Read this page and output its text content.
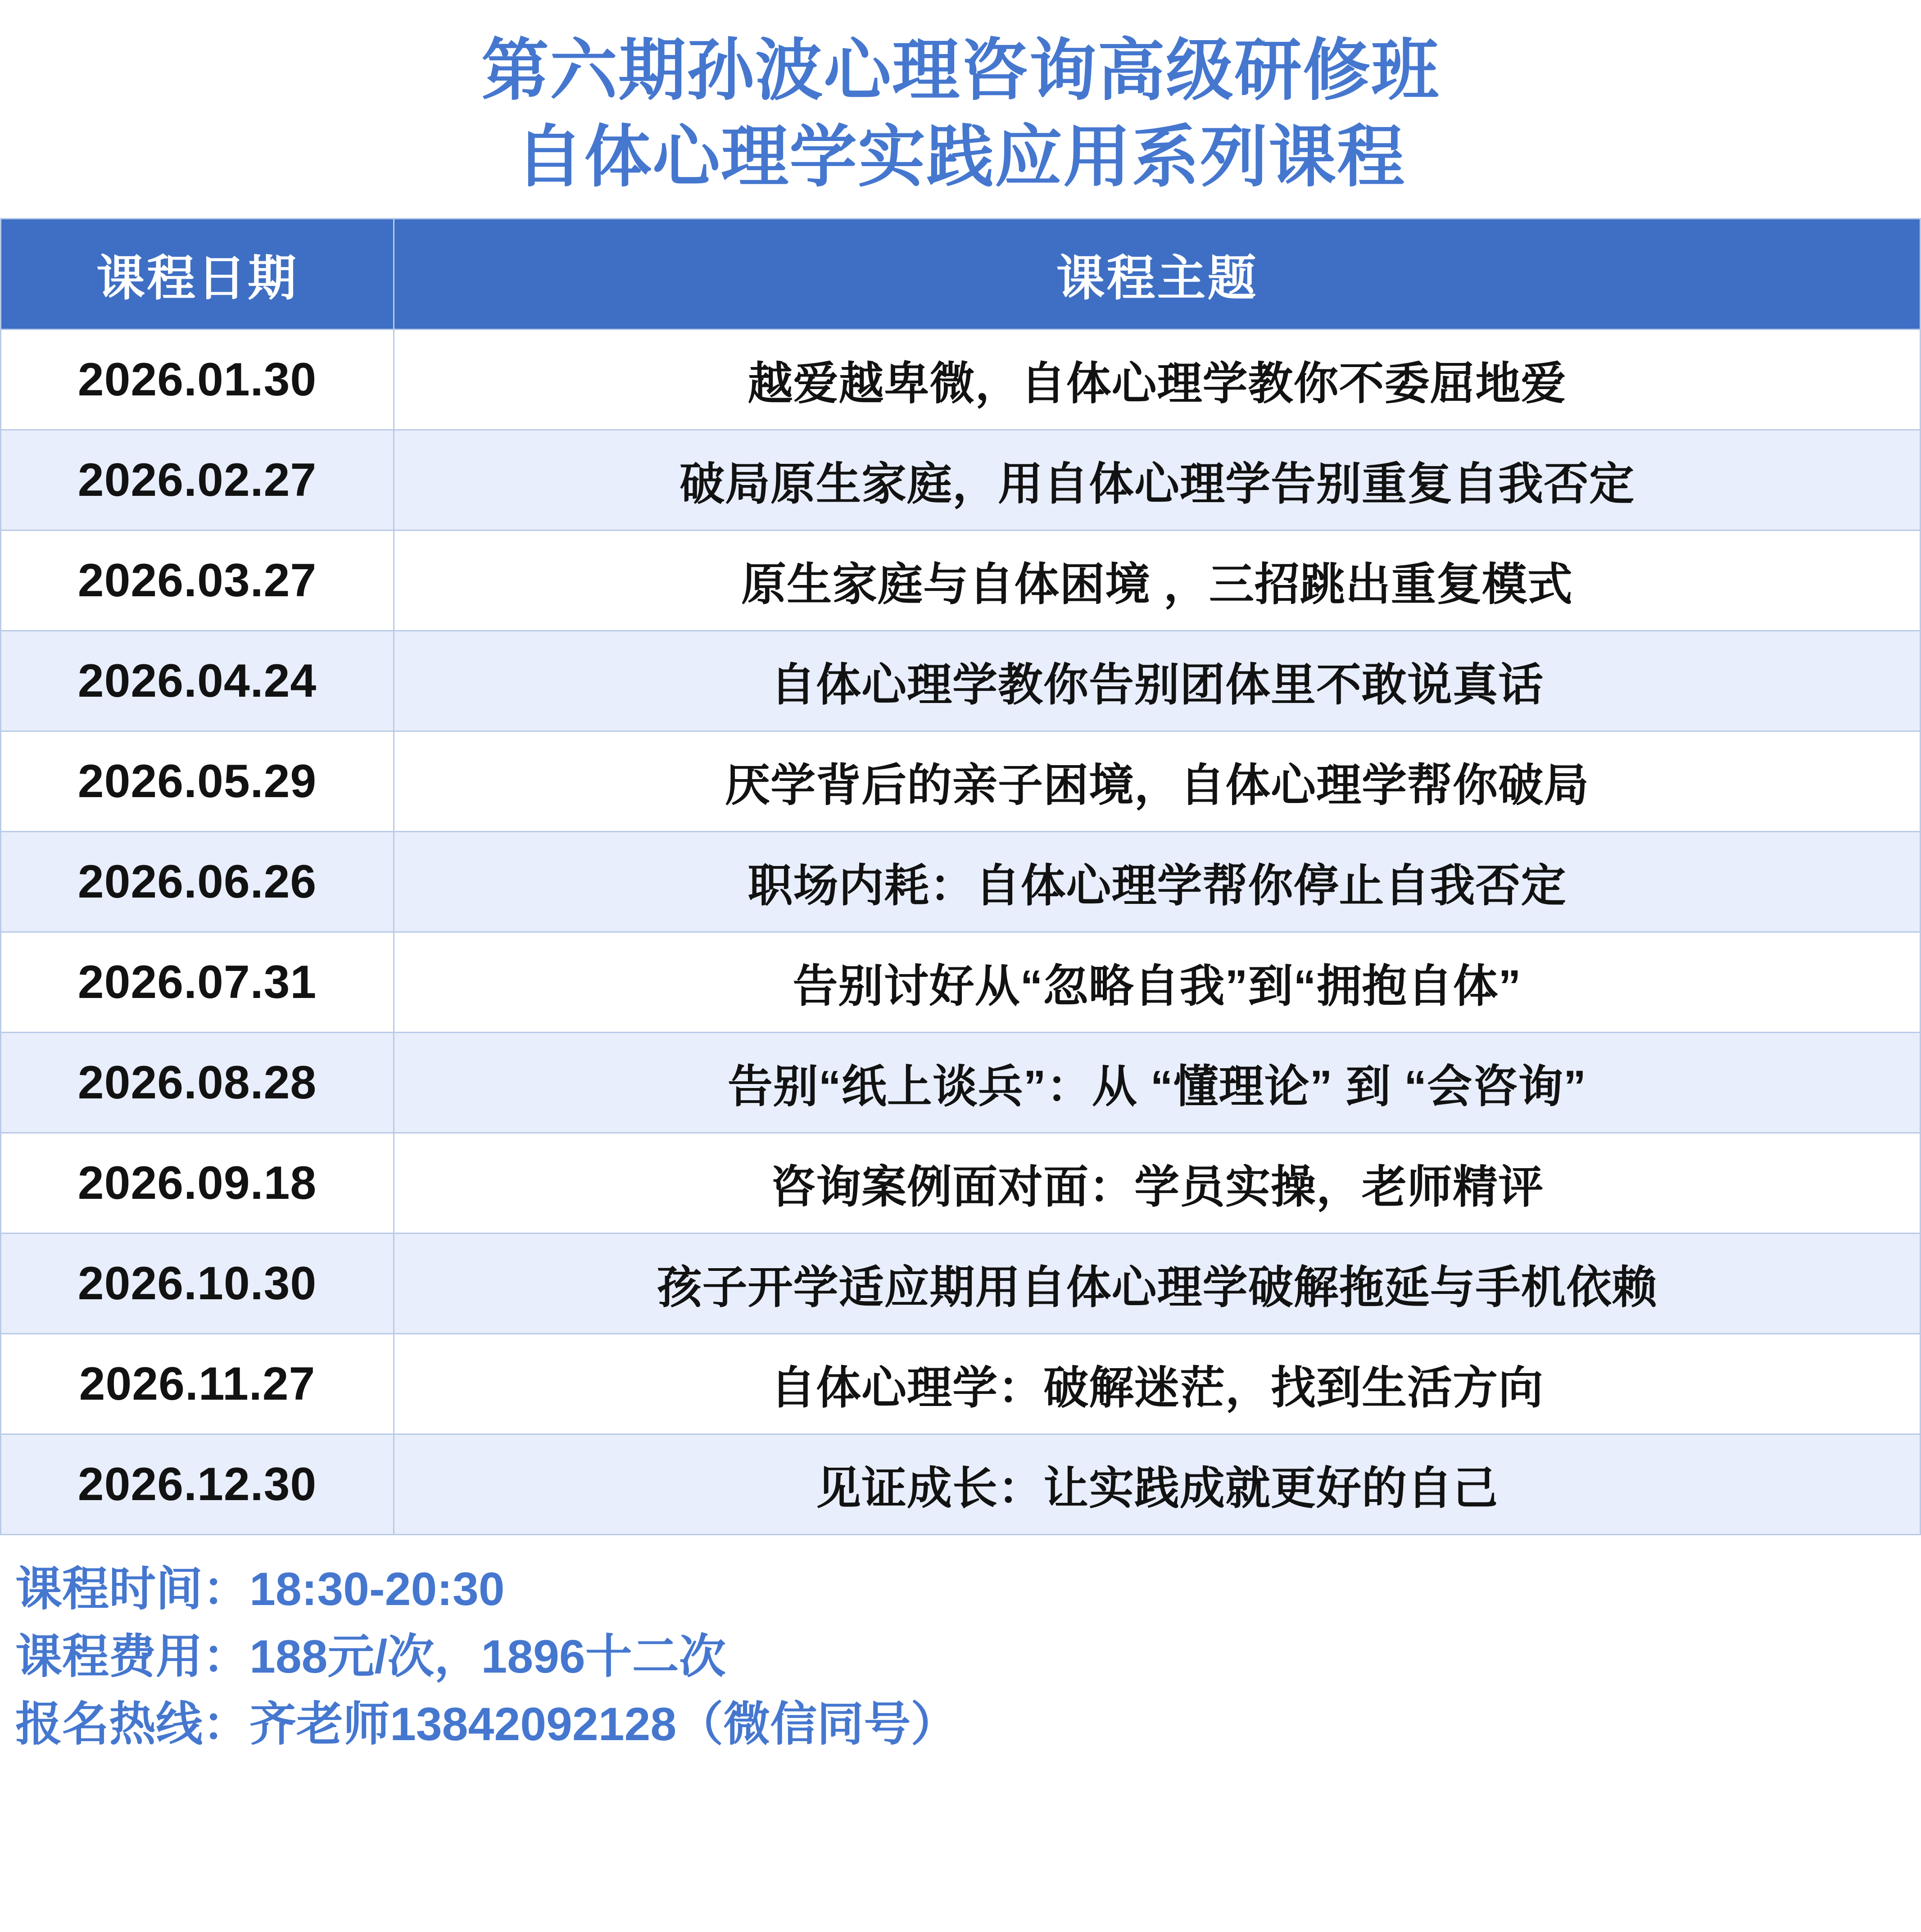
第六期孙波心理咨询高级研修班
自体心理学实践应用系列课程
课程日期	课程主题
2026.01.30	越爱越卑微，自体心理学教你不委屈地爱
2026.02.27	破局原生家庭，用自体心理学告别重复自我否定
2026.03.27	原生家庭与自体困境 ，三招跳出重复模式
2026.04.24	自体心理学教你告别团体里不敢说真话
2026.05.29	厌学背后的亲子困境，自体心理学帮你破局
2026.06.26	职场内耗：自体心理学帮你停止自我否定
2026.07.31	告别讨好从“忽略自我”到“拥抱自体”
2026.08.28	告别“纸上谈兵”：从 “懂理论” 到 “会咨询”
2026.09.18	咨询案例面对面：学员实操，老师精评
2026.10.30	孩子开学适应期用自体心理学破解拖延与手机依赖
2026.11.27	自体心理学：破解迷茫，找到生活方向
2026.12.30	见证成长：让实践成就更好的自己
课程时间：18:30-20:30
课程费用：188元/次，1896十二次
报名热线：齐老师13842092128（微信同号）
